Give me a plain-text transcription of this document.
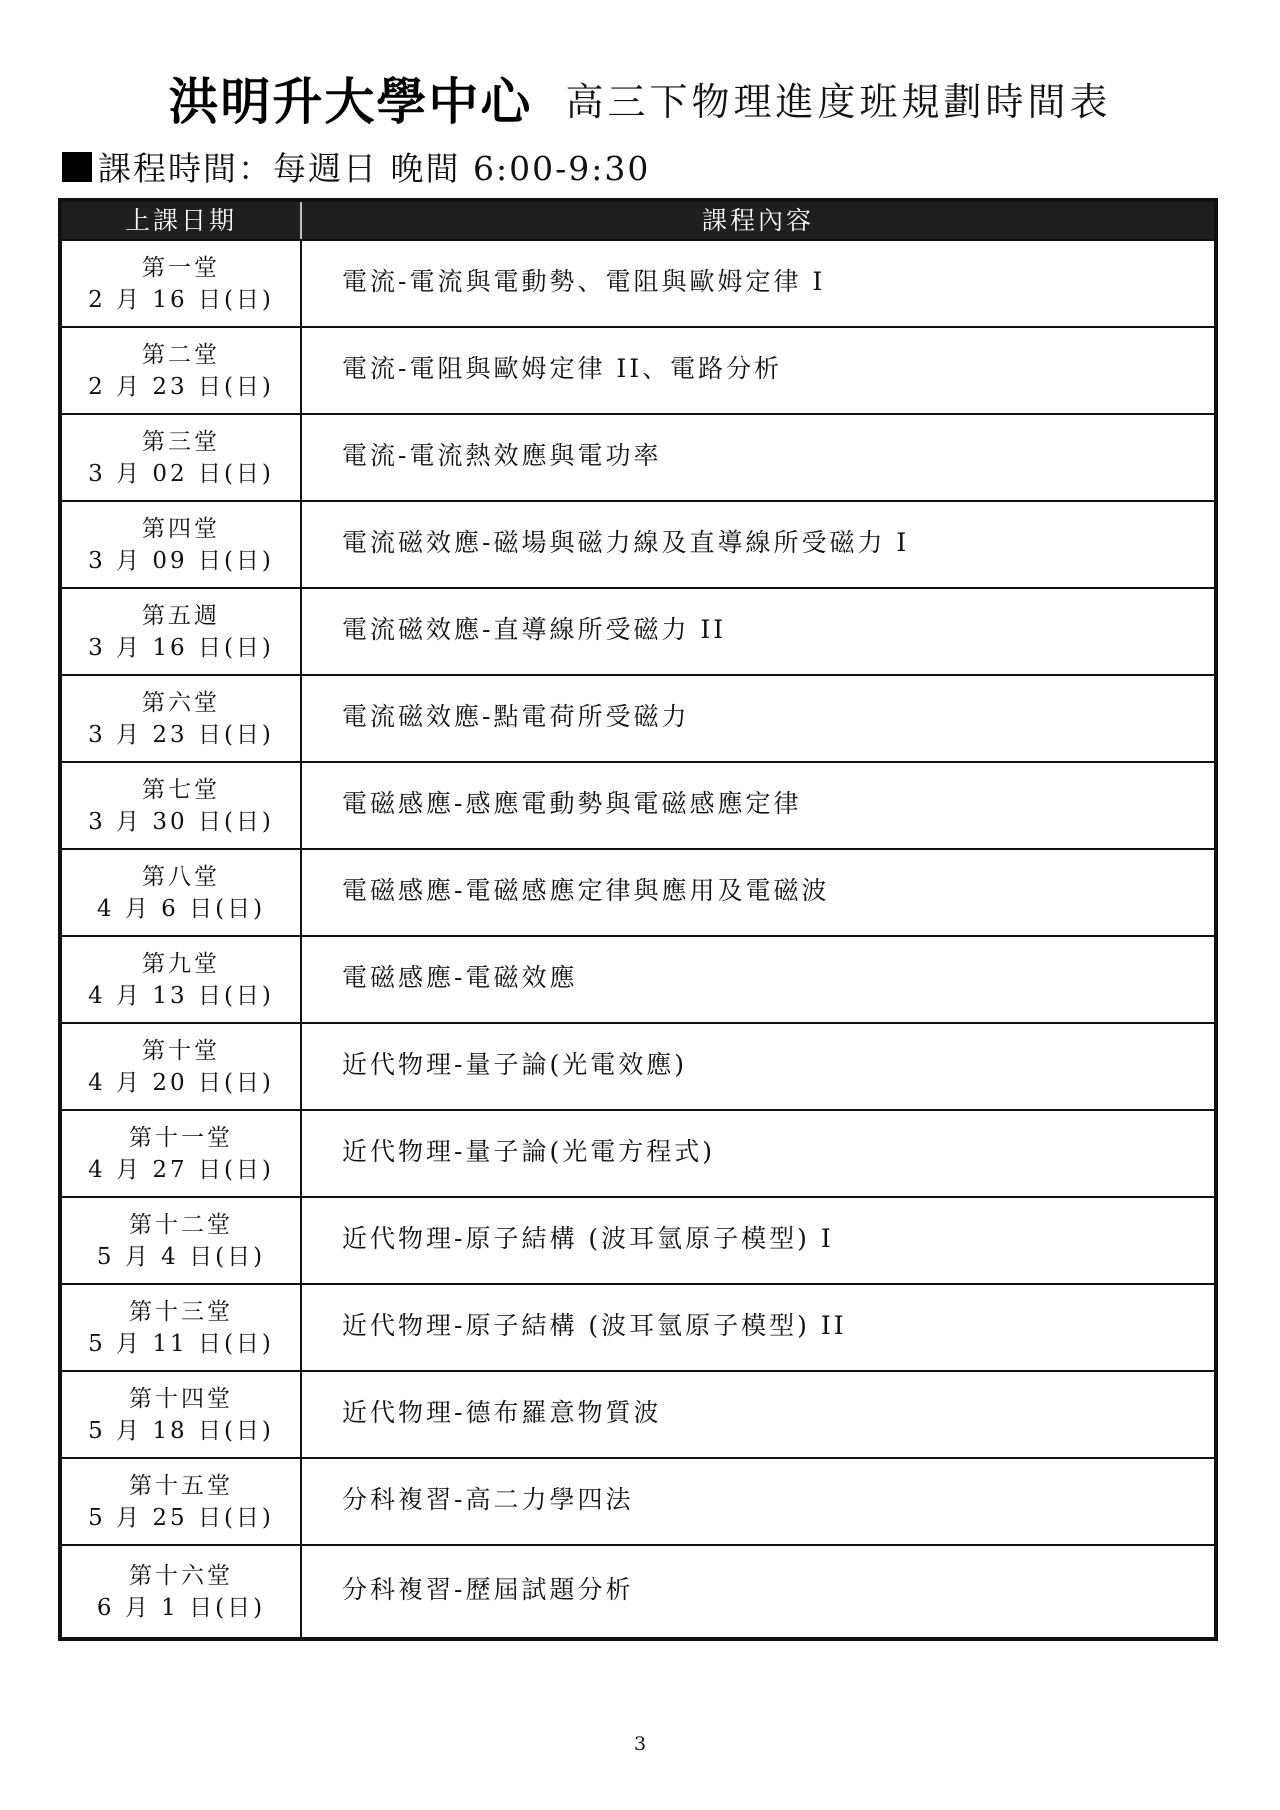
洪明升大學中心 高三下物理進度班規劃時間表
課程時間：每週日 晚間 6:00-9:30
上課日期	課程內容
第一堂
2 月 16 日(日)
電流-電流與電動勢、電阻與歐姆定律 I
第二堂
2 月 23 日(日)
電流-電阻與歐姆定律 II、電路分析
第三堂
3 月 02 日(日)
電流-電流熱效應與電功率
第四堂
3 月 09 日(日)
電流磁效應-磁場與磁力線及直導線所受磁力 I
第五週
3 月 16 日(日)
電流磁效應-直導線所受磁力 II
第六堂
3 月 23 日(日)
電流磁效應-點電荷所受磁力
第七堂
3 月 30 日(日)
電磁感應-感應電動勢與電磁感應定律
第八堂
4 月 6 日(日)
電磁感應-電磁感應定律與應用及電磁波
第九堂
4 月 13 日(日)
電磁感應-電磁效應
第十堂
4 月 20 日(日)
近代物理-量子論(光電效應)
第十一堂
4 月 27 日(日)
近代物理-量子論(光電方程式)
第十二堂
5 月 4 日(日)
近代物理-原子結構 (波耳氫原子模型) I
第十三堂
5 月 11 日(日)
近代物理-原子結構 (波耳氫原子模型) II
第十四堂
5 月 18 日(日)
近代物理-德布羅意物質波
第十五堂
5 月 25 日(日)
分科複習-高二力學四法
第十六堂
6 月 1 日(日)
分科複習-歷屆試題分析
3
